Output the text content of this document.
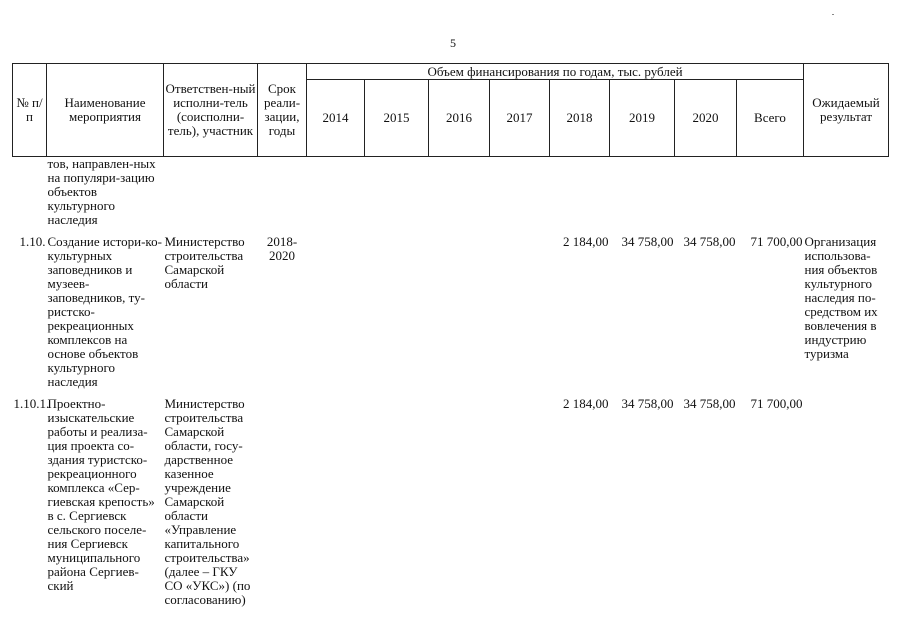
5
№ п/п	Наименование мероприятия	Ответствен-ный исполни-тель (соисполни-тель), участник	Срок реали-зации, годы	Объем финансирования по годам, тыс. рублей								Ожидаемый результат
				2014	2015	2016	2017	2018	2019	2020	Всего	
	тов, направлен-ных на популяри-зацию объектов культурного наследия											

1.10.	Создание истори-ко-культурных заповедников и музеев-заповедников, ту-ристско-рекреационных комплексов на основе объектов культурного наследия	Министерство строительства Самарской области	2018-2020					2 184,00	34 758,00	34 758,00	71 700,00	Организация использова-ния объектов культурного наследия по-средством их вовлечения в индустрию туризма

1.10.1.	Проектно-изыскательские работы и реализа-ция проекта со-здания туристско-рекреационного комплекса «Сер-гиевская крепость» в с. Сергиевск сельского поселе-ния Сергиевск муниципального района Сергиев-ский	Министерство строительства Самарской области, госу-дарственное казенное учреждение Самарской области «Управление капитального строительства» (далее – ГКУ СО «УКС») (по согласованию)						2 184,00	34 758,00	34 758,00	71 700,00	
